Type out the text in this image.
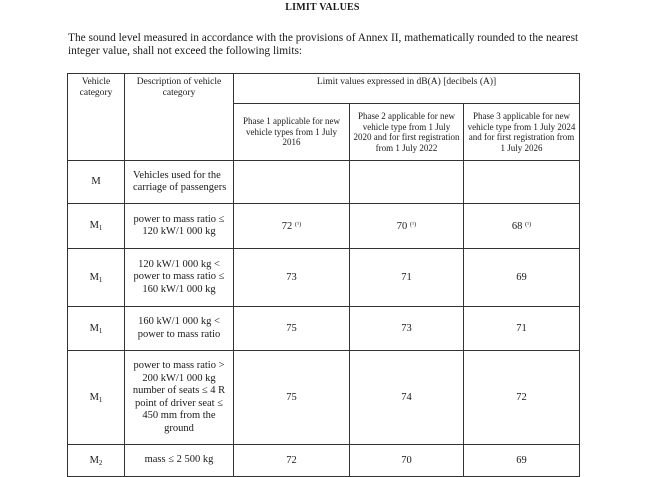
LIMIT VALUES
The sound level measured in accordance with the provisions of Annex II, mathematically rounded to the nearest integer value, shall not exceed the following limits:
Vehicle category	Description of vehicle category	Limit values expressed in dB(A) [decibels (A)]		
		Phase 1 applicable for new vehicle types from 1 July 2016	Phase 2 applicable for new vehicle type from 1 July 2020 and for first registration from 1 July 2022	Phase 3 applicable for new vehicle type from 1 July 2024 and for first registration from 1 July 2026
M	Vehicles used for the carriage of passengers			
$M_1$	power to mass ratio ≤ 120 kW/1 000 kg	72 $^{(^1)}$	70 $^{(^1)}$	68 $^{(^1)}$
$M_1$	120 kW/1 000 kg < power to mass ratio ≤ 160 kW/1 000 kg	73	71	69
$M_1$	160 kW/1 000 kg < power to mass ratio	75	73	71
$M_1$	power to mass ratio > 200 kW/1 000 kg number of seats ≤ 4 R point of driver seat ≤ 450 mm from the ground	75	74	72
$M_2$	mass ≤ 2 500 kg	72	70	69
